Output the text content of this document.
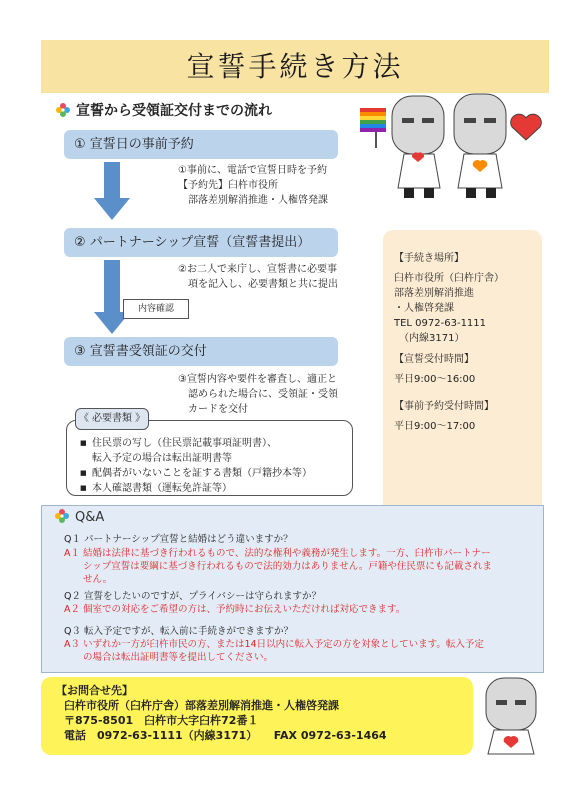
宣誓手続き方法
宣誓から受領証交付までの流れ
① 宣誓日の事前予約
①事前に、電話で宣誓日時を予約
【予約先】臼杵市役所
　部落差別解消推進・人権啓発課
② パートナーシップ宣誓（宣誓書提出）
②お二人で来庁し、宣誓書に必要事
　項を記入し、必要書類と共に提出
③ 宣誓書受領証の交付
③宣誓内容や要件を審査し、適正と
　認められた場合に、受領証・受領
　カードを交付
内容確認
《 必要書類 》
■ 住民票の写し（住民票記載事項証明書）、
転入予定の場合は転出証明書等
■ 配偶者がいないことを証する書類（戸籍抄本等）
■ 本人確認書類（運転免許証等）
【手続き場所】
臼杵市役所（臼杵庁舎）
部落差別解消推進
・人権啓発課
TEL 0972-63-1111
　（内線3171）
【宣誓受付時間】
平日9:00～16:00
【事前予約受付時間】
平日9:00～17:00
Q&A
Q１ パートナーシップ宣誓と結婚はどう違いますか？
A１ 結婚は法律に基づき行われるもので、法的な権利や義務が発生します。一方、臼杵市パートナー
　　シップ宣誓は要綱に基づき行われるもので法的効力はありません。戸籍や住民票にも記載されま
　　せん。
Q２ 宣誓をしたいのですが、プライバシーは守られますか？
A２ 個室での対応をご希望の方は、予約時にお伝えいただければ対応できます。
Q３ 転入予定ですが、転入前に手続きができますか？
A３ いずれか一方が臼杵市民の方、または14日以内に転入予定の方を対象としています。転入予定
　　の場合は転出証明書等を提出してください。
【お問合せ先】
臼杵市役所（臼杵庁舎）部落差別解消推進・人権啓発課
〒875-8501　臼杵市大字臼杵72番１
電話　0972-63-1111（内線3171）　　FAX 0972-63-1464
